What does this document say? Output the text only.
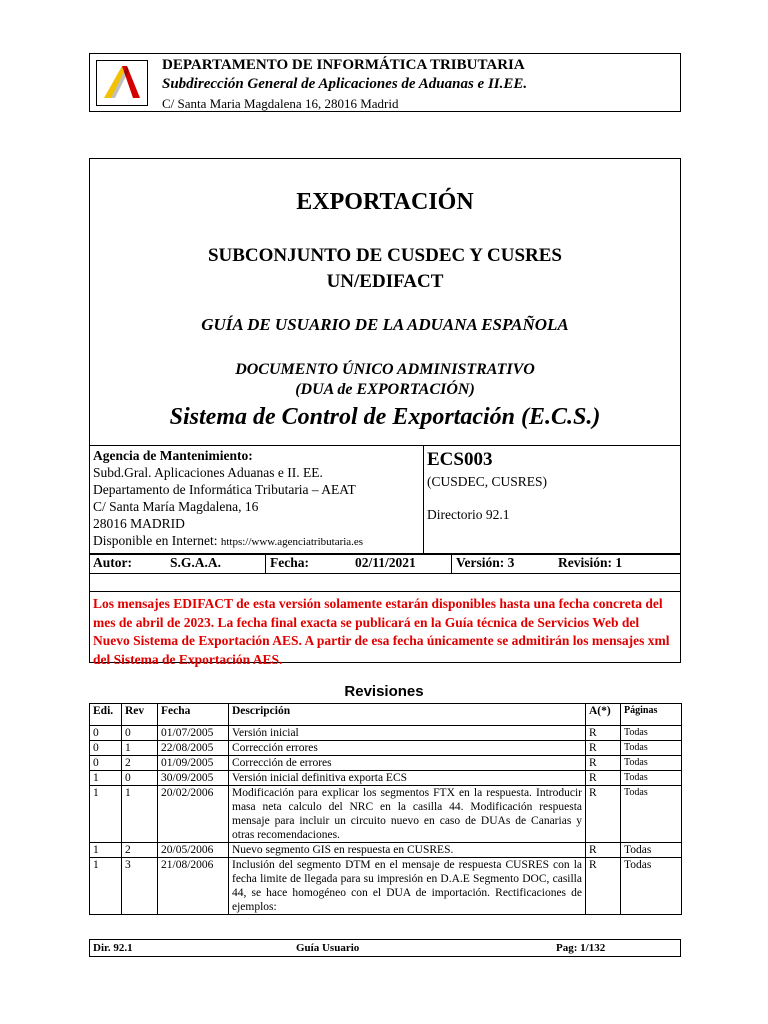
DEPARTAMENTO DE INFORMÁTICA TRIBUTARIA
Subdirección General de Aplicaciones de Aduanas e II.EE.
C/ Santa Maria Magdalena 16, 28016 Madrid
EXPORTACIÓN
SUBCONJUNTO DE CUSDEC Y CUSRES
UN/EDIFACT
GUÍA DE USUARIO DE LA ADUANA ESPAÑOLA
DOCUMENTO ÚNICO ADMINISTRATIVO
(DUA de EXPORTACIÓN)
Sistema de Control de Exportación (E.C.S.)
Agencia de Mantenimiento:
Subd.Gral. Aplicaciones Aduanas e II. EE.
Departamento de Informática Tributaria – AEAT
C/ Santa María Magdalena, 16
28016 MADRID
Disponible en Internet: https://www.agenciatributaria.es
ECS003
(CUSDEC, CUSRES)
Directorio 92.1
Autor:	S.G.A.A.	Fecha:	02/11/2021	Versión: 3	Revisión: 1
Los mensajes EDIFACT de esta versión solamente estarán disponibles hasta una fecha concreta del mes de abril de 2023. La fecha final exacta se publicará en la Guía técnica de Servicios Web del Nuevo Sistema de Exportación AES. A partir de esa fecha únicamente se admitirán los mensajes xml del Sistema de Exportación AES.
Revisiones
Edi.	Rev	Fecha	Descripción	A(*)	Páginas
0	0	01/07/2005	Versión inicial	R	Todas
0	1	22/08/2005	Corrección errores	R	Todas
0	2	01/09/2005	Corrección de errores	R	Todas
1	0	30/09/2005	Versión inicial definitiva exporta ECS	R	Todas
1	1	20/02/2006	Modificación para explicar los segmentos FTX en la respuesta. Introducir masa neta calculo del NRC en la casilla 44. Modificación respuesta mensaje para incluir un circuito nuevo en caso de DUAs de Canarias y otras recomendaciones.	R	Todas
1	2	20/05/2006	Nuevo segmento GIS en respuesta en CUSRES.	R	Todas
1	3	21/08/2006	Inclusión del segmento DTM en el mensaje de respuesta CUSRES con la fecha limite de llegada para su impresión en D.A.E Segmento DOC, casilla 44, se hace homogéneo con el DUA de importación. Rectificaciones de ejemplos:	R	Todas
Dir. 92.1	Guía Usuario	Pag: 1/132
